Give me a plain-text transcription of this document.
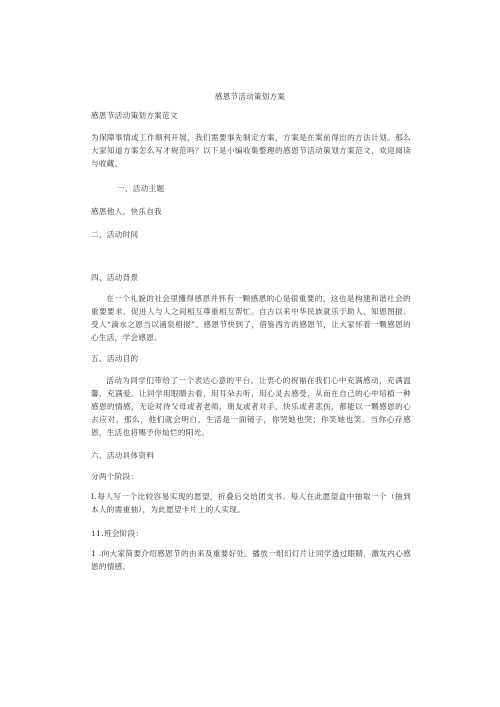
感恩节活动策划方案

感恩节活动策划方案范文

为保障事情或工作顺利开展，我们需要事先制定方案，方案是在案前得出的方法计划。那么大家知道方案怎么写才规范吗？以下是小编收集整理的感恩节活动策划方案范文，欢迎阅读与收藏。

一、活动主题

感恩他人，快乐自我

二、活动时间

四、活动背景

在一个礼貌的社会里懂得感恩并怀有一颗感恩的心是很重要的，这也是构建和谐社会的重要要求，促进人与人之间相互尊重相互帮忙。自古以来中华民族就乐于助人、知恩图报、受人“滴水之恩当以涌泉相报”。感恩节快到了，借鉴西方的感恩节，让大家怀着一颗感恩的心生活，学会感恩。

五、活动目的

活动为同学们带给了一个表达心意的平台。让衷心的祝福在我们心中充满感动，充满温馨，充满爱。让同学用眼睛去看，用耳朵去听，用心灵去感受，从而在自己的心中培植一种感恩的情感，无论对待父母或者老师，朋友或者对手，快乐或者悲伤，都能以一颗感恩的心去应对。那么，他们就会明白，生活是一面镜子，你哭她也哭；你笑她也笑。当你心存感恩，生活也将赐予你灿烂的阳光。

六、活动具体资料

分两个阶段：

Ⅰ.每人写一个比较容易实现的愿望，折叠后交给团支书。每人在此愿望盒中抽取一个（抽到本人的需重抽），为此愿望卡片上的人实现。

11.班会阶段：

1 .向大家简要介绍感恩节的由来及重要好处。播放一组幻灯片让同学透过眼睛，激发内心感恩的情感。
